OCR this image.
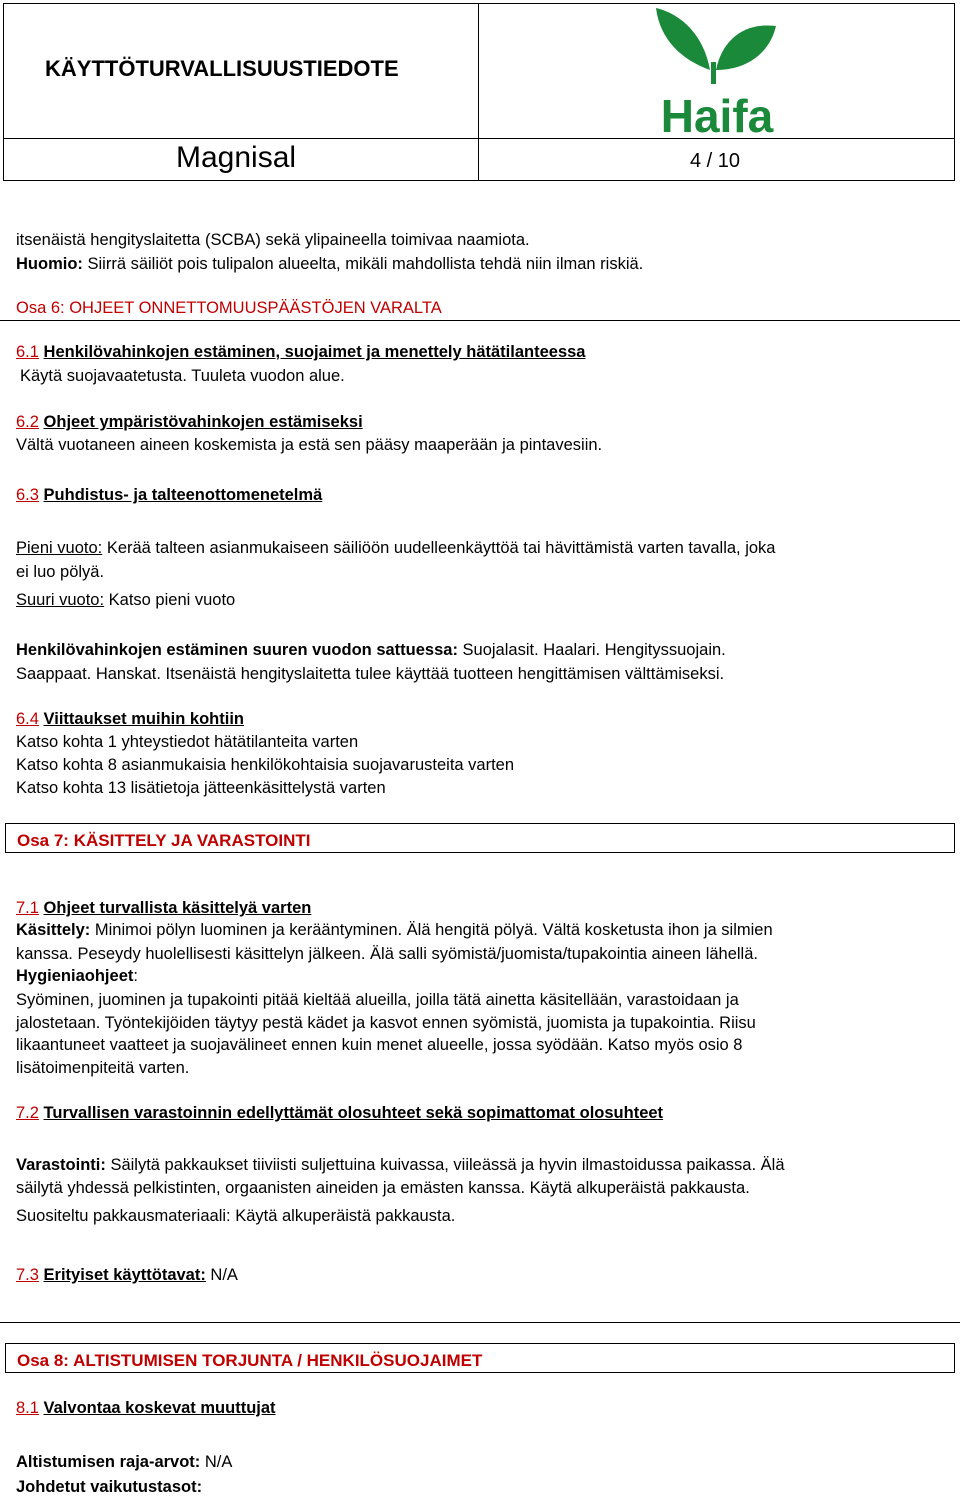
KÄYTTÖTURVALLISUUSTIEDOTE
Magnisal	4 / 10
Haifa
itsenäistä hengityslaitetta (SCBA) sekä ylipaineella toimivaa naamiota.
Huomio: Siirrä säiliöt pois tulipalon alueelta, mikäli mahdollista tehdä niin ilman riskiä.
Osa 6: OHJEET ONNETTOMUUSPÄÄSTÖJEN VARALTA
6.1 Henkilövahinkojen estäminen, suojaimet ja menettely hätätilanteessa
Käytä suojavaatetusta. Tuuleta vuodon alue.
6.2 Ohjeet ympäristövahinkojen estämiseksi
Vältä vuotaneen aineen koskemista ja estä sen pääsy maaperään ja pintavesiin.
6.3 Puhdistus- ja talteenottomenetelmä
Pieni vuoto: Kerää talteen asianmukaiseen säiliöön uudelleenkäyttöä tai hävittämistä varten tavalla, joka
ei luo pölyä.
Suuri vuoto: Katso pieni vuoto
Henkilövahinkojen estäminen suuren vuodon sattuessa: Suojalasit. Haalari. Hengityssuojain.
Saappaat. Hanskat. Itsenäistä hengityslaitetta tulee käyttää tuotteen hengittämisen välttämiseksi.
6.4 Viittaukset muihin kohtiin
Katso kohta 1 yhteystiedot hätätilanteita varten
Katso kohta 8 asianmukaisia henkilökohtaisia suojavarusteita varten
Katso kohta 13 lisätietoja jätteenkäsittelystä varten
Osa 7: KÄSITTELY JA VARASTOINTI
7.1 Ohjeet turvallista käsittelyä varten
Käsittely: Minimoi pölyn luominen ja kerääntyminen. Älä hengitä pölyä. Vältä kosketusta ihon ja silmien
kanssa. Peseydy huolellisesti käsittelyn jälkeen. Älä salli syömistä/juomista/tupakointia aineen lähellä.
Hygieniaohjeet:
Syöminen, juominen ja tupakointi pitää kieltää alueilla, joilla tätä ainetta käsitellään, varastoidaan ja
jalostetaan. Työntekijöiden täytyy pestä kädet ja kasvot ennen syömistä, juomista ja tupakointia. Riisu
likaantuneet vaatteet ja suojavälineet ennen kuin menet alueelle, jossa syödään. Katso myös osio 8
lisätoimenpiteitä varten.
7.2 Turvallisen varastoinnin edellyttämät olosuhteet sekä sopimattomat olosuhteet
Varastointi: Säilytä pakkaukset tiiviisti suljettuina kuivassa, viileässä ja hyvin ilmastoidussa paikassa. Älä
säilytä yhdessä pelkistinten, orgaanisten aineiden ja emästen kanssa. Käytä alkuperäistä pakkausta.
Suositeltu pakkausmateriaali: Käytä alkuperäistä pakkausta.
7.3 Erityiset käyttötavat: N/A
Osa 8: ALTISTUMISEN TORJUNTA / HENKILÖSUOJAIMET
8.1 Valvontaa koskevat muuttujat
Altistumisen raja-arvot: N/A
Johdetut vaikutustasot:
